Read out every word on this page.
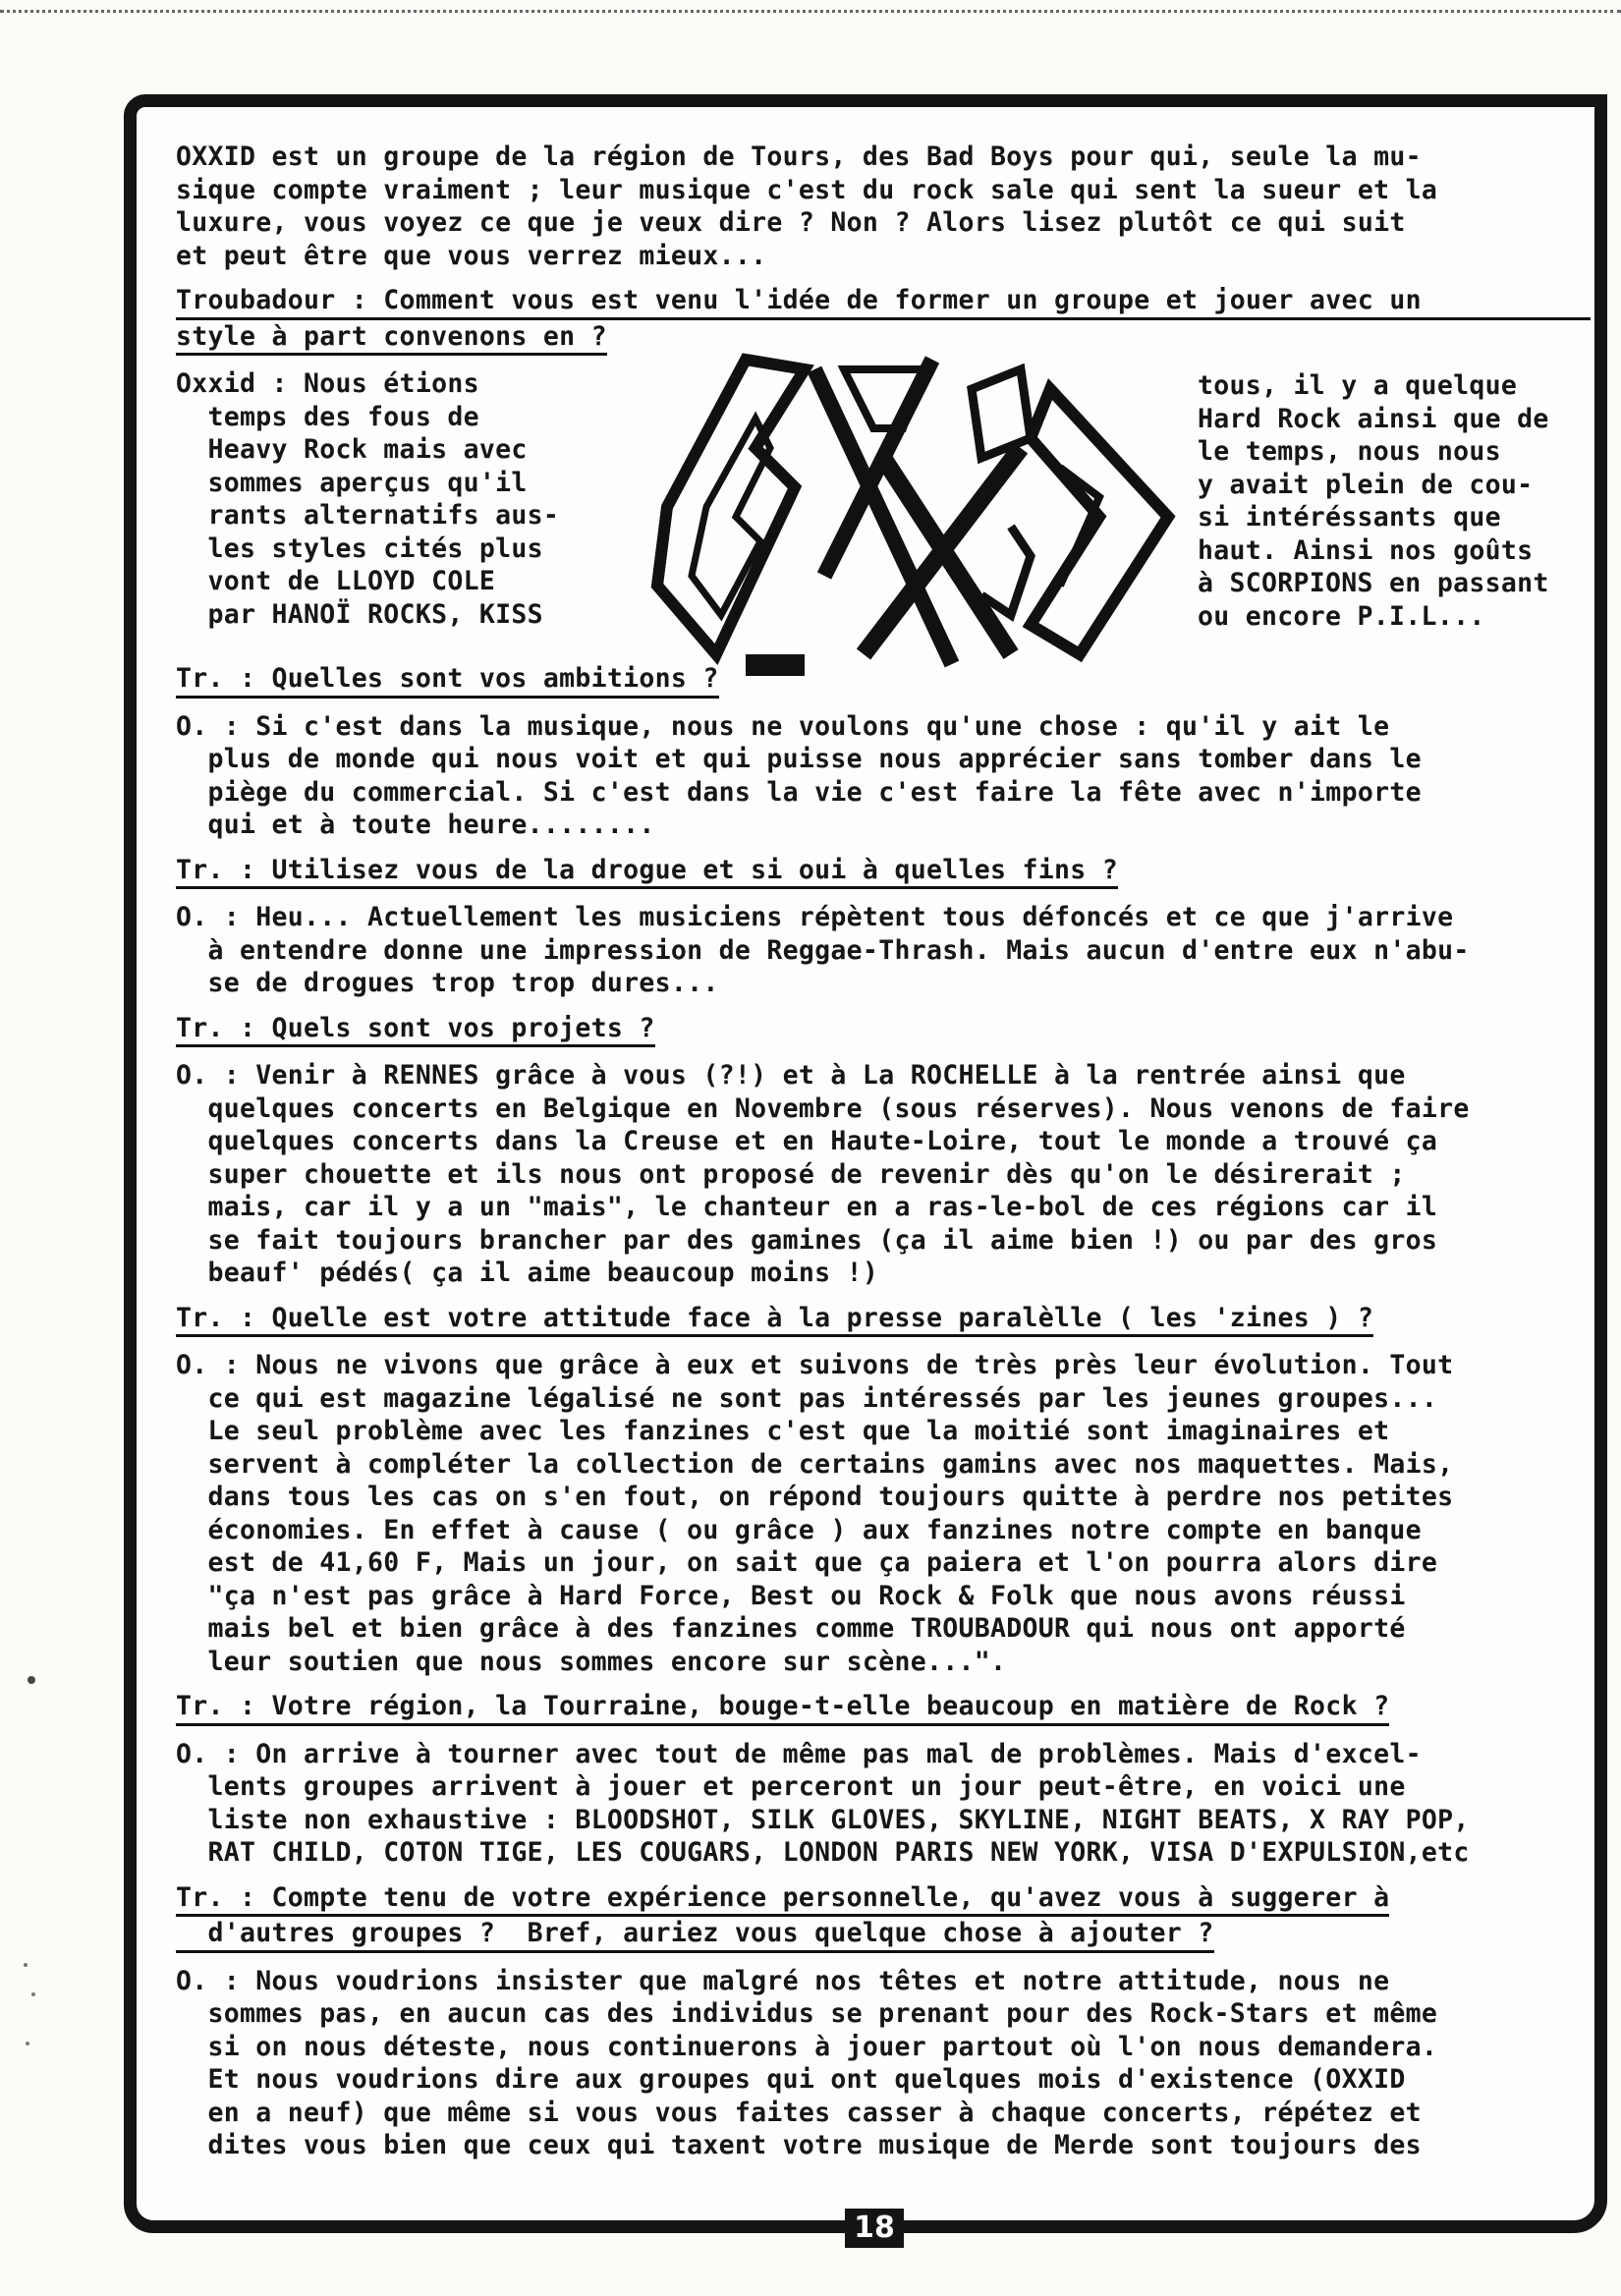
OXXID est un groupe de la région de Tours, des Bad Boys pour qui, seule la mu-

sique compte vraiment ; leur musique c'est du rock sale qui sent la sueur et la

luxure, vous voyez ce que je veux dire ? Non ? Alors lisez plutôt ce qui suit

et peut être que vous verrez mieux...

Troubadour : Comment vous est venu l'idée de former un groupe et jouer avec un

style à part convenons en ?

Oxxid : Nous étions

temps des fous de

Heavy Rock mais avec

sommes aperçus qu'il

rants alternatifs aus-

les styles cités plus

vont de LLOYD COLE

par HANOÏ ROCKS, KISS

tous, il y a quelque

Hard Rock ainsi que de

le temps, nous nous

y avait plein de cou-

si intéréssants que

haut. Ainsi nos goûts

à SCORPIONS en passant

ou encore P.I.L...

Tr. : Quelles sont vos ambitions ?

O. : Si c'est dans la musique, nous ne voulons qu'une chose : qu'il y ait le

plus de monde qui nous voit et qui puisse nous apprécier sans tomber dans le

piège du commercial. Si c'est dans la vie c'est faire la fête avec n'importe

qui et à toute heure........

Tr. : Utilisez vous de la drogue et si oui à quelles fins ?

O. : Heu... Actuellement les musiciens répètent tous défoncés et ce que j'arrive

à entendre donne une impression de Reggae-Thrash. Mais aucun d'entre eux n'abu-

se de drogues trop trop dures...

Tr. : Quels sont vos projets ?

O. : Venir à RENNES grâce à vous (?!) et à La ROCHELLE à la rentrée ainsi que

quelques concerts en Belgique en Novembre (sous réserves). Nous venons de faire

quelques concerts dans la Creuse et en Haute-Loire, tout le monde a trouvé ça

super chouette et ils nous ont proposé de revenir dès qu'on le désirerait ;

mais, car il y a un "mais", le chanteur en a ras-le-bol de ces régions car il

se fait toujours brancher par des gamines (ça il aime bien !) ou par des gros

beauf' pédés( ça il aime beaucoup moins !)

Tr. : Quelle est votre attitude face à la presse paralèlle ( les 'zines ) ?

O. : Nous ne vivons que grâce à eux et suivons de très près leur évolution. Tout

ce qui est magazine légalisé ne sont pas intéressés par les jeunes groupes...

Le seul problème avec les fanzines c'est que la moitié sont imaginaires et

servent à compléter la collection de certains gamins avec nos maquettes. Mais,

dans tous les cas on s'en fout, on répond toujours quitte à perdre nos petites

économies. En effet à cause ( ou grâce ) aux fanzines notre compte en banque

est de 41,60 F, Mais un jour, on sait que ça paiera et l'on pourra alors dire

"ça n'est pas grâce à Hard Force, Best ou Rock & Folk que nous avons réussi

mais bel et bien grâce à des fanzines comme TROUBADOUR qui nous ont apporté

leur soutien que nous sommes encore sur scène...".

Tr. : Votre région, la Tourraine, bouge-t-elle beaucoup en matière de Rock ?

O. : On arrive à tourner avec tout de même pas mal de problèmes. Mais d'excel-

lents groupes arrivent à jouer et perceront un jour peut-être, en voici une

liste non exhaustive : BLOODSHOT, SILK GLOVES, SKYLINE, NIGHT BEATS, X RAY POP,

RAT CHILD, COTON TIGE, LES COUGARS, LONDON PARIS NEW YORK, VISA D'EXPULSION,etc

Tr. : Compte tenu de votre expérience personnelle, qu'avez vous à suggerer à

d'autres groupes ?  Bref, auriez vous quelque chose à ajouter ?

O. : Nous voudrions insister que malgré nos têtes et notre attitude, nous ne

sommes pas, en aucun cas des individus se prenant pour des Rock-Stars et même

si on nous déteste, nous continuerons à jouer partout où l'on nous demandera.

Et nous voudrions dire aux groupes qui ont quelques mois d'existence (OXXID

en a neuf) que même si vous vous faites casser à chaque concerts, répétez et

dites vous bien que ceux qui taxent votre musique de Merde sont toujours des

18
